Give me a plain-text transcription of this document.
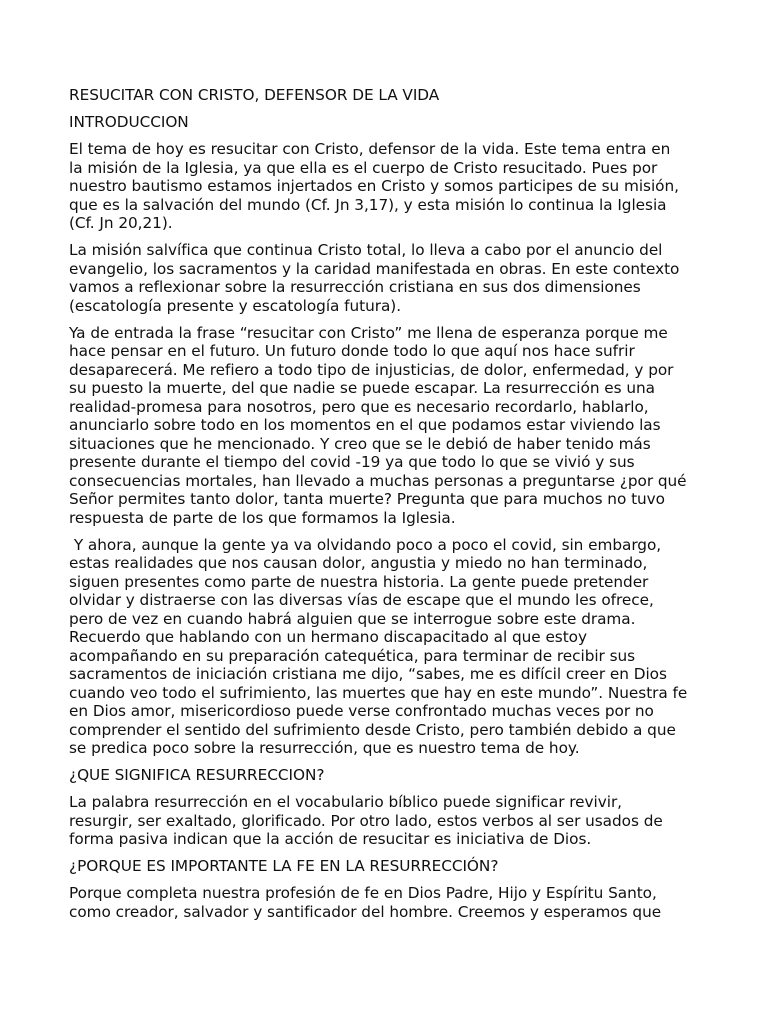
RESUCITAR CON CRISTO, DEFENSOR DE LA VIDA

INTRODUCCION

El tema de hoy es resucitar con Cristo, defensor de la vida. Este tema entra en la misión de la Iglesia, ya que ella es el cuerpo de Cristo resucitado. Pues por nuestro bautismo estamos injertados en Cristo y somos participes de su misión, que es la salvación del mundo (Cf. Jn 3,17), y esta misión lo continua la Iglesia (Cf. Jn 20,21).

La misión salvífica que continua Cristo total, lo lleva a cabo por el anuncio del evangelio, los sacramentos y la caridad manifestada en obras. En este contexto vamos a reflexionar sobre la resurrección cristiana en sus dos dimensiones (escatología presente y escatología futura).

Ya de entrada la frase “resucitar con Cristo” me llena de esperanza porque me hace pensar en el futuro. Un futuro donde todo lo que aquí nos hace sufrir desaparecerá. Me refiero a todo tipo de injusticias, de dolor, enfermedad, y por su puesto la muerte, del que nadie se puede escapar. La resurrección es una realidad-promesa para nosotros, pero que es necesario recordarlo, hablarlo, anunciarlo sobre todo en los momentos en el que podamos estar viviendo las situaciones que he mencionado. Y creo que se le debió de haber tenido más presente durante el tiempo del covid -19 ya que todo lo que se vivió y sus consecuencias mortales, han llevado a muchas personas a preguntarse ¿por qué Señor permites tanto dolor, tanta muerte? Pregunta que para muchos no tuvo respuesta de parte de los que formamos la Iglesia.

Y ahora, aunque la gente ya va olvidando poco a poco el covid, sin embargo, estas realidades que nos causan dolor, angustia y miedo no han terminado, siguen presentes como parte de nuestra historia. La gente puede pretender olvidar y distraerse con las diversas vías de escape que el mundo les ofrece, pero de vez en cuando habrá alguien que se interrogue sobre este drama. Recuerdo que hablando con un hermano discapacitado al que estoy acompañando en su preparación catequética, para terminar de recibir sus sacramentos de iniciación cristiana me dijo, “sabes, me es difícil creer en Dios cuando veo todo el sufrimiento, las muertes que hay en este mundo”. Nuestra fe en Dios amor, misericordioso puede verse confrontado muchas veces por no comprender el sentido del sufrimiento desde Cristo, pero también debido a que se predica poco sobre la resurrección, que es nuestro tema de hoy.

¿QUE SIGNIFICA RESURRECCION?

La palabra resurrección en el vocabulario bíblico puede significar revivir, resurgir, ser exaltado, glorificado. Por otro lado, estos verbos al ser usados de forma pasiva indican que la acción de resucitar es iniciativa de Dios.

¿PORQUE ES IMPORTANTE LA FE EN LA RESURRECCIÓN?

Porque completa nuestra profesión de fe en Dios Padre, Hijo y Espíritu Santo, como creador, salvador y santificador del hombre. Creemos y esperamos que
